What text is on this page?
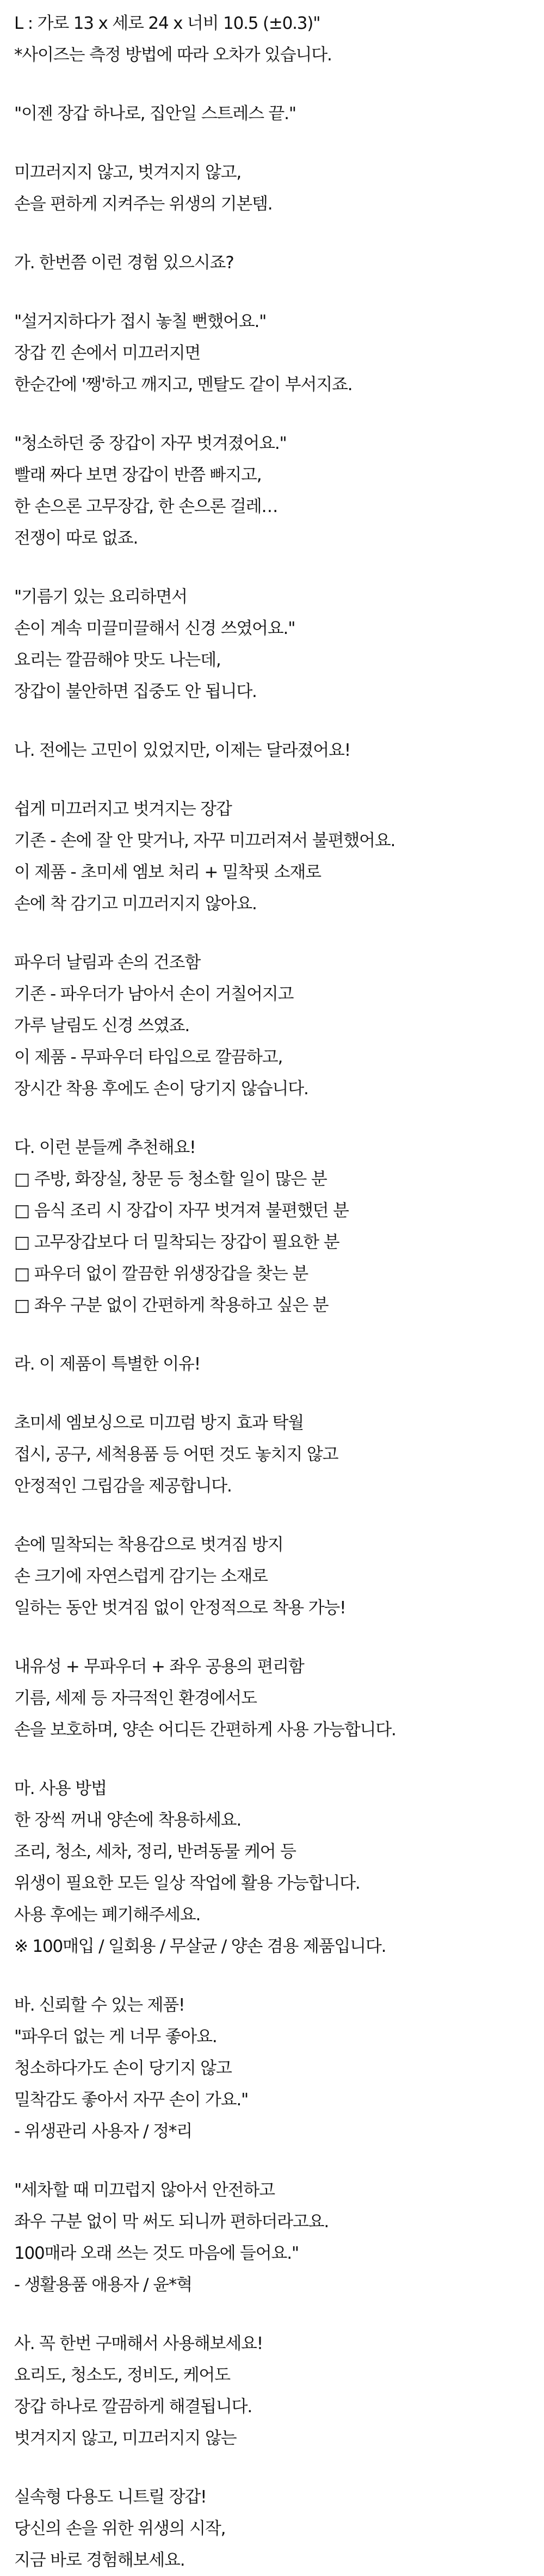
L : 가로 13 x 세로 24 x 너비 10.5 (±0.3)"
*사이즈는 측정 방법에 따라 오차가 있습니다.
"이젠 장갑 하나로, 집안일 스트레스 끝."
미끄러지지 않고, 벗겨지지 않고,
손을 편하게 지켜주는 위생의 기본템.
가. 한번쯤 이런 경험 있으시죠?
"설거지하다가 접시 놓칠 뻔했어요."
장갑 낀 손에서 미끄러지면
한순간에 '쨍'하고 깨지고, 멘탈도 같이 부서지죠.
"청소하던 중 장갑이 자꾸 벗겨졌어요."
빨래 짜다 보면 장갑이 반쯤 빠지고,
한 손으론 고무장갑, 한 손으론 걸레…
전쟁이 따로 없죠.
"기름기 있는 요리하면서
손이 계속 미끌미끌해서 신경 쓰였어요."
요리는 깔끔해야 맛도 나는데,
장갑이 불안하면 집중도 안 됩니다.
나. 전에는 고민이 있었지만, 이제는 달라졌어요!
쉽게 미끄러지고 벗겨지는 장갑
기존 - 손에 잘 안 맞거나, 자꾸 미끄러져서 불편했어요.
이 제품 - 초미세 엠보 처리 + 밀착핏 소재로
손에 착 감기고 미끄러지지 않아요.
파우더 날림과 손의 건조함
기존 - 파우더가 남아서 손이 거칠어지고
가루 날림도 신경 쓰였죠.
이 제품 - 무파우더 타입으로 깔끔하고,
장시간 착용 후에도 손이 당기지 않습니다.
다. 이런 분들께 추천해요!
□ 주방, 화장실, 창문 등 청소할 일이 많은 분
□ 음식 조리 시 장갑이 자꾸 벗겨져 불편했던 분
□ 고무장갑보다 더 밀착되는 장갑이 필요한 분
□ 파우더 없이 깔끔한 위생장갑을 찾는 분
□ 좌우 구분 없이 간편하게 착용하고 싶은 분
라. 이 제품이 특별한 이유!
초미세 엠보싱으로 미끄럼 방지 효과 탁월
접시, 공구, 세척용품 등 어떤 것도 놓치지 않고
안정적인 그립감을 제공합니다.
손에 밀착되는 착용감으로 벗겨짐 방지
손 크기에 자연스럽게 감기는 소재로
일하는 동안 벗겨짐 없이 안정적으로 착용 가능!
내유성 + 무파우더 + 좌우 공용의 편리함
기름, 세제 등 자극적인 환경에서도
손을 보호하며, 양손 어디든 간편하게 사용 가능합니다.
마. 사용 방법
한 장씩 꺼내 양손에 착용하세요.
조리, 청소, 세차, 정리, 반려동물 케어 등
위생이 필요한 모든 일상 작업에 활용 가능합니다.
사용 후에는 폐기해주세요.
※ 100매입 / 일회용 / 무살균 / 양손 겸용 제품입니다.
바. 신뢰할 수 있는 제품!
"파우더 없는 게 너무 좋아요.
청소하다가도 손이 당기지 않고
밀착감도 좋아서 자꾸 손이 가요."
- 위생관리 사용자 / 정*리
"세차할 때 미끄럽지 않아서 안전하고
좌우 구분 없이 막 써도 되니까 편하더라고요.
100매라 오래 쓰는 것도 마음에 들어요."
- 생활용품 애용자 / 윤*혁
사. 꼭 한번 구매해서 사용해보세요!
요리도, 청소도, 정비도, 케어도
장갑 하나로 깔끔하게 해결됩니다.
벗겨지지 않고, 미끄러지지 않는
실속형 다용도 니트릴 장갑!
당신의 손을 위한 위생의 시작,
지금 바로 경험해보세요.
